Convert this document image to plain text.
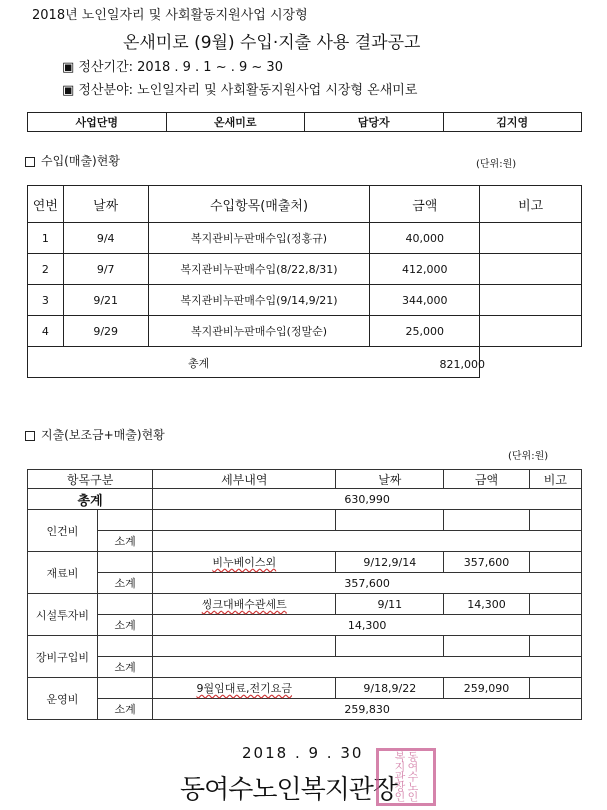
2018년 노인일자리 및 사회활동지원사업 시장형
온새미로 (9월) 수입·지출 사용 결과공고
▣ 정산기간: 2018 . 9 . 1 ~ . 9 ~ 30
▣ 정산분야: 노인일자리 및 사회활동지원사업 시장형 온새미로
사업단명	온새미로	담당자	김지영
수입(매출)현황	(단위:원)
연번	날짜	수입항목(매출처)	금액	비고
1	9/4	복지관비누판매수입(정홍규)	40,000	
2	9/7	복지관비누판매수입(8/22,8/31)	412,000	
3	9/21	복지관비누판매수입(9/14,9/21)	344,000	
4	9/29	복지관비누판매수입(정말순)	25,000	

총계					821,000
지출(보조금+매출)현황
(단위:원)
항목구분		세부내역	날짜	금액	비고
총계		630,990			
인건비					
	소계				
재료비		비누베이스외	9/12,9/14	357,600	
	소계	357,600			
시설투자비		씽크대배수관세트	9/11	14,300	
	소계	14,300			
장비구입비					
	소계				
운영비		9월임대료,전기요금	9/18,9/22	259,090	
	소계	259,830			
2018 . 9 . 30
동여수노인복지관장 동여수노인복지관장인
